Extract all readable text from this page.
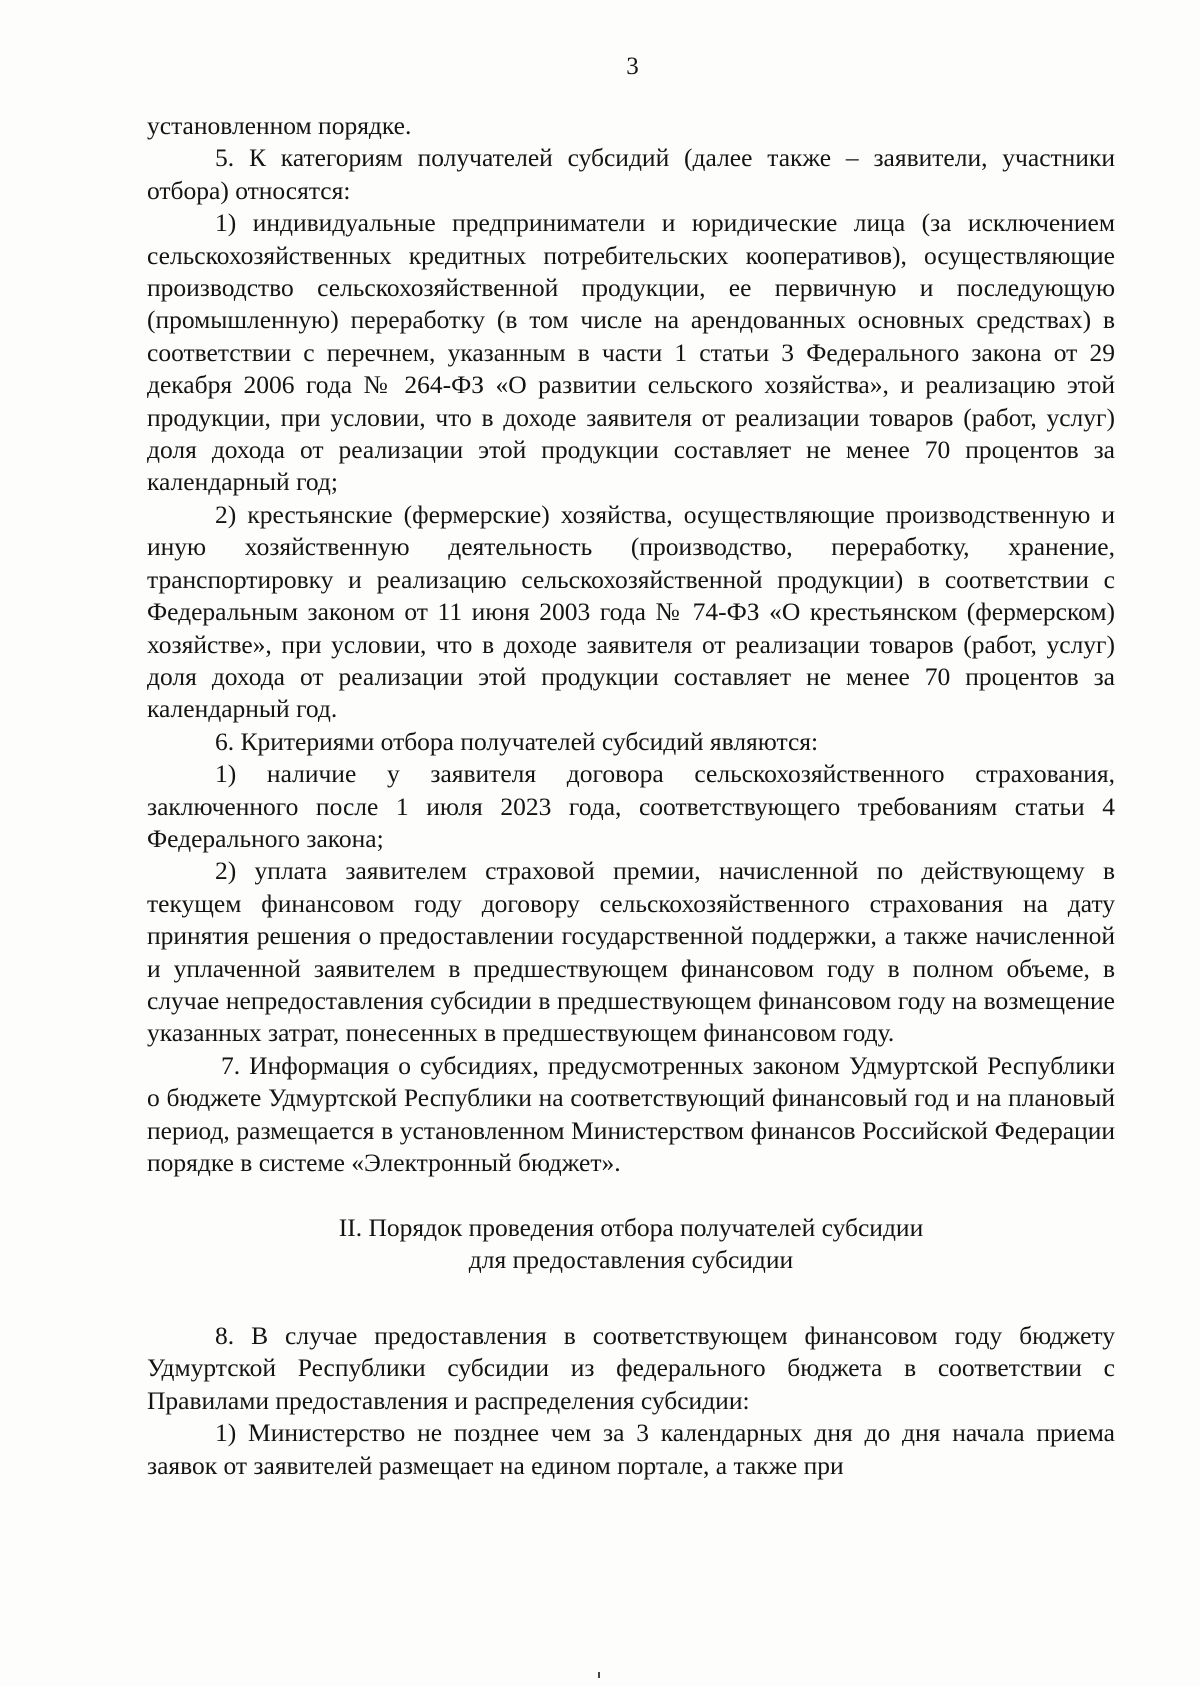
3

установленном порядке.

5. К категориям получателей субсидий (далее также – заявители, участники отбора) относятся:

1) индивидуальные предприниматели и юридические лица (за исключением сельскохозяйственных кредитных потребительских кооперативов), осуществляющие производство сельскохозяйственной продукции, ее первичную и последующую (промышленную) переработку (в том числе на арендованных основных средствах) в соответствии с перечнем, указанным в части 1 статьи 3 Федерального закона от 29 декабря 2006 года № 264-ФЗ «О развитии сельского хозяйства», и реализацию этой продукции, при условии, что в доходе заявителя от реализации товаров (работ, услуг) доля дохода от реализации этой продукции составляет не менее 70 процентов за календарный год;

2) крестьянские (фермерские) хозяйства, осуществляющие производственную и иную хозяйственную деятельность (производство, переработку, хранение, транспортировку и реализацию сельскохозяйственной продукции) в соответствии с Федеральным законом от 11 июня 2003 года № 74-ФЗ «О крестьянском (фермерском) хозяйстве», при условии, что в доходе заявителя от реализации товаров (работ, услуг) доля дохода от реализации этой продукции составляет не менее 70 процентов за календарный год.

6. Критериями отбора получателей субсидий являются:

1) наличие у заявителя договора сельскохозяйственного страхования, заключенного после 1 июля 2023 года, соответствующего требованиям статьи 4 Федерального закона;

2) уплата заявителем страховой премии, начисленной по действующему в текущем финансовом году договору сельскохозяйственного страхования на дату принятия решения о предоставлении государственной поддержки, а также начисленной и уплаченной заявителем в предшествующем финансовом году в полном объеме, в случае непредоставления субсидии в предшествующем финансовом году на возмещение указанных затрат, понесенных в предшествующем финансовом году.

7. Информация о субсидиях, предусмотренных законом Удмуртской Республики о бюджете Удмуртской Республики на соответствующий финансовый год и на плановый период, размещается в установленном Министерством финансов Российской Федерации порядке в системе «Электронный бюджет».

II. Порядок проведения отбора получателей субсидии
для предоставления субсидии

8. В случае предоставления в соответствующем финансовом году бюджету Удмуртской Республики субсидии из федерального бюджета в соответствии с Правилами предоставления и распределения субсидии:

1) Министерство не позднее чем за 3 календарных дня до дня начала приема заявок от заявителей размещает на едином портале, а также при
